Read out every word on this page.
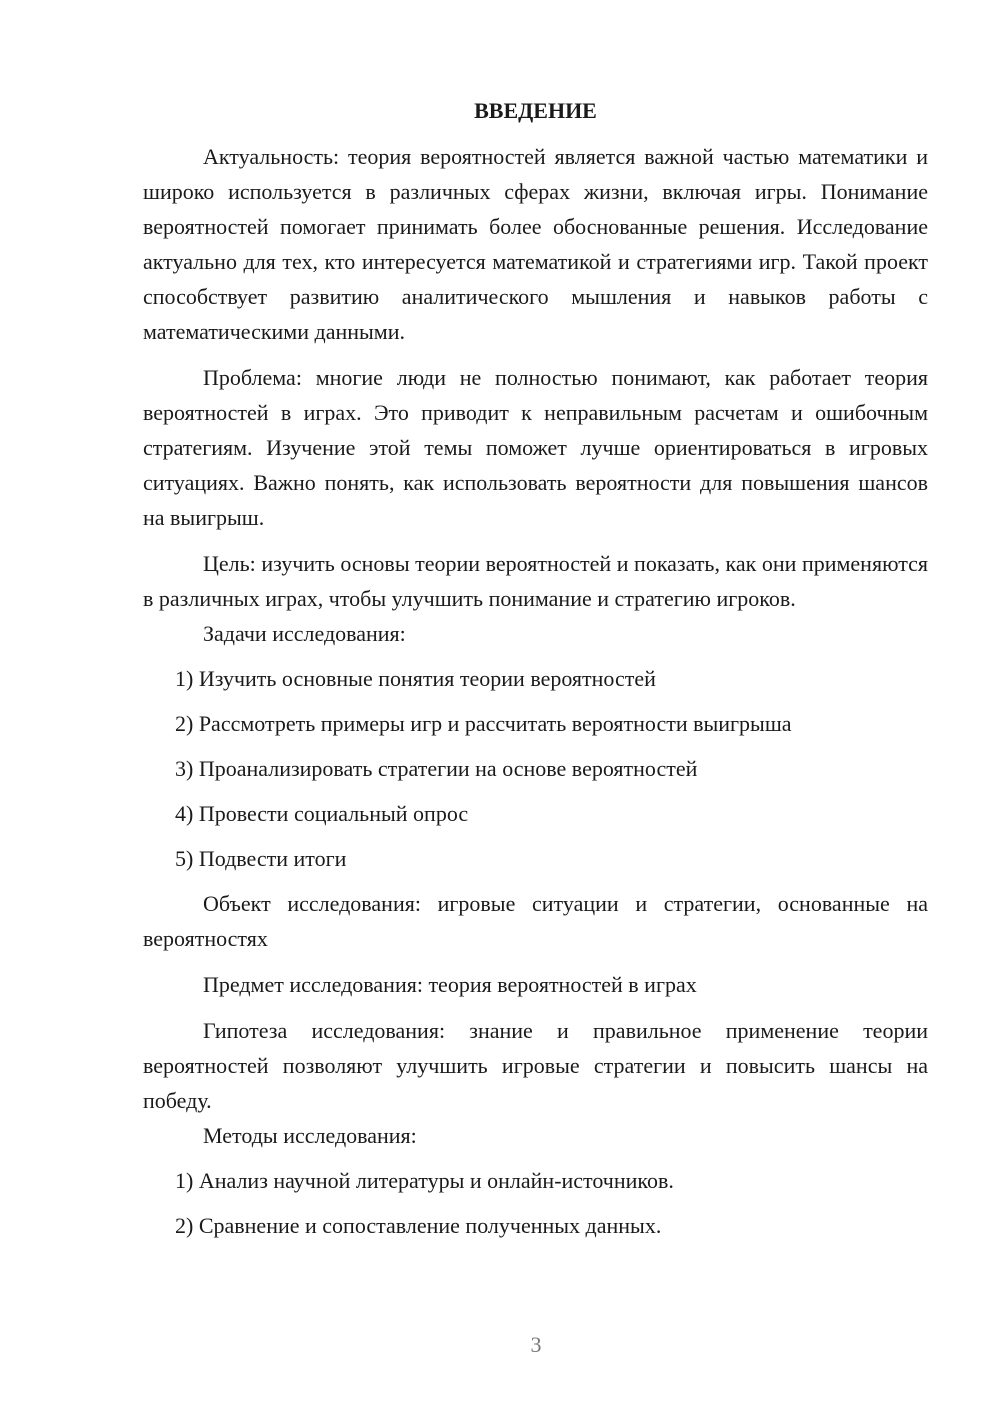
ВВЕДЕНИЕ

Актуальность: теория вероятностей является важной частью математики и широко используется в различных сферах жизни, включая игры. Понимание вероятностей помогает принимать более обоснованные решения. Исследование актуально для тех, кто интересуется математикой и стратегиями игр. Такой проект способствует развитию аналитического мышления и навыков работы с математическими данными.

Проблема: многие люди не полностью понимают, как работает теория вероятностей в играх. Это приводит к неправильным расчетам и ошибочным стратегиям. Изучение этой темы поможет лучше ориентироваться в игровых ситуациях. Важно понять, как использовать вероятности для повышения шансов на выигрыш.

Цель: изучить основы теории вероятностей и показать, как они применяются в различных играх, чтобы улучшить понимание и стратегию игроков.

Задачи исследования:

1) Изучить основные понятия теории вероятностей

2) Рассмотреть примеры игр и рассчитать вероятности выигрыша

3) Проанализировать стратегии на основе вероятностей

4) Провести социальный опрос

5) Подвести итоги

Объект исследования: игровые ситуации и стратегии, основанные на вероятностях

Предмет исследования: теория вероятностей в играх

Гипотеза исследования: знание и правильное применение теории вероятностей позволяют улучшить игровые стратегии и повысить шансы на победу.

Методы исследования:

1) Анализ научной литературы и онлайн-источников.

2) Сравнение и сопоставление полученных данных.

3
